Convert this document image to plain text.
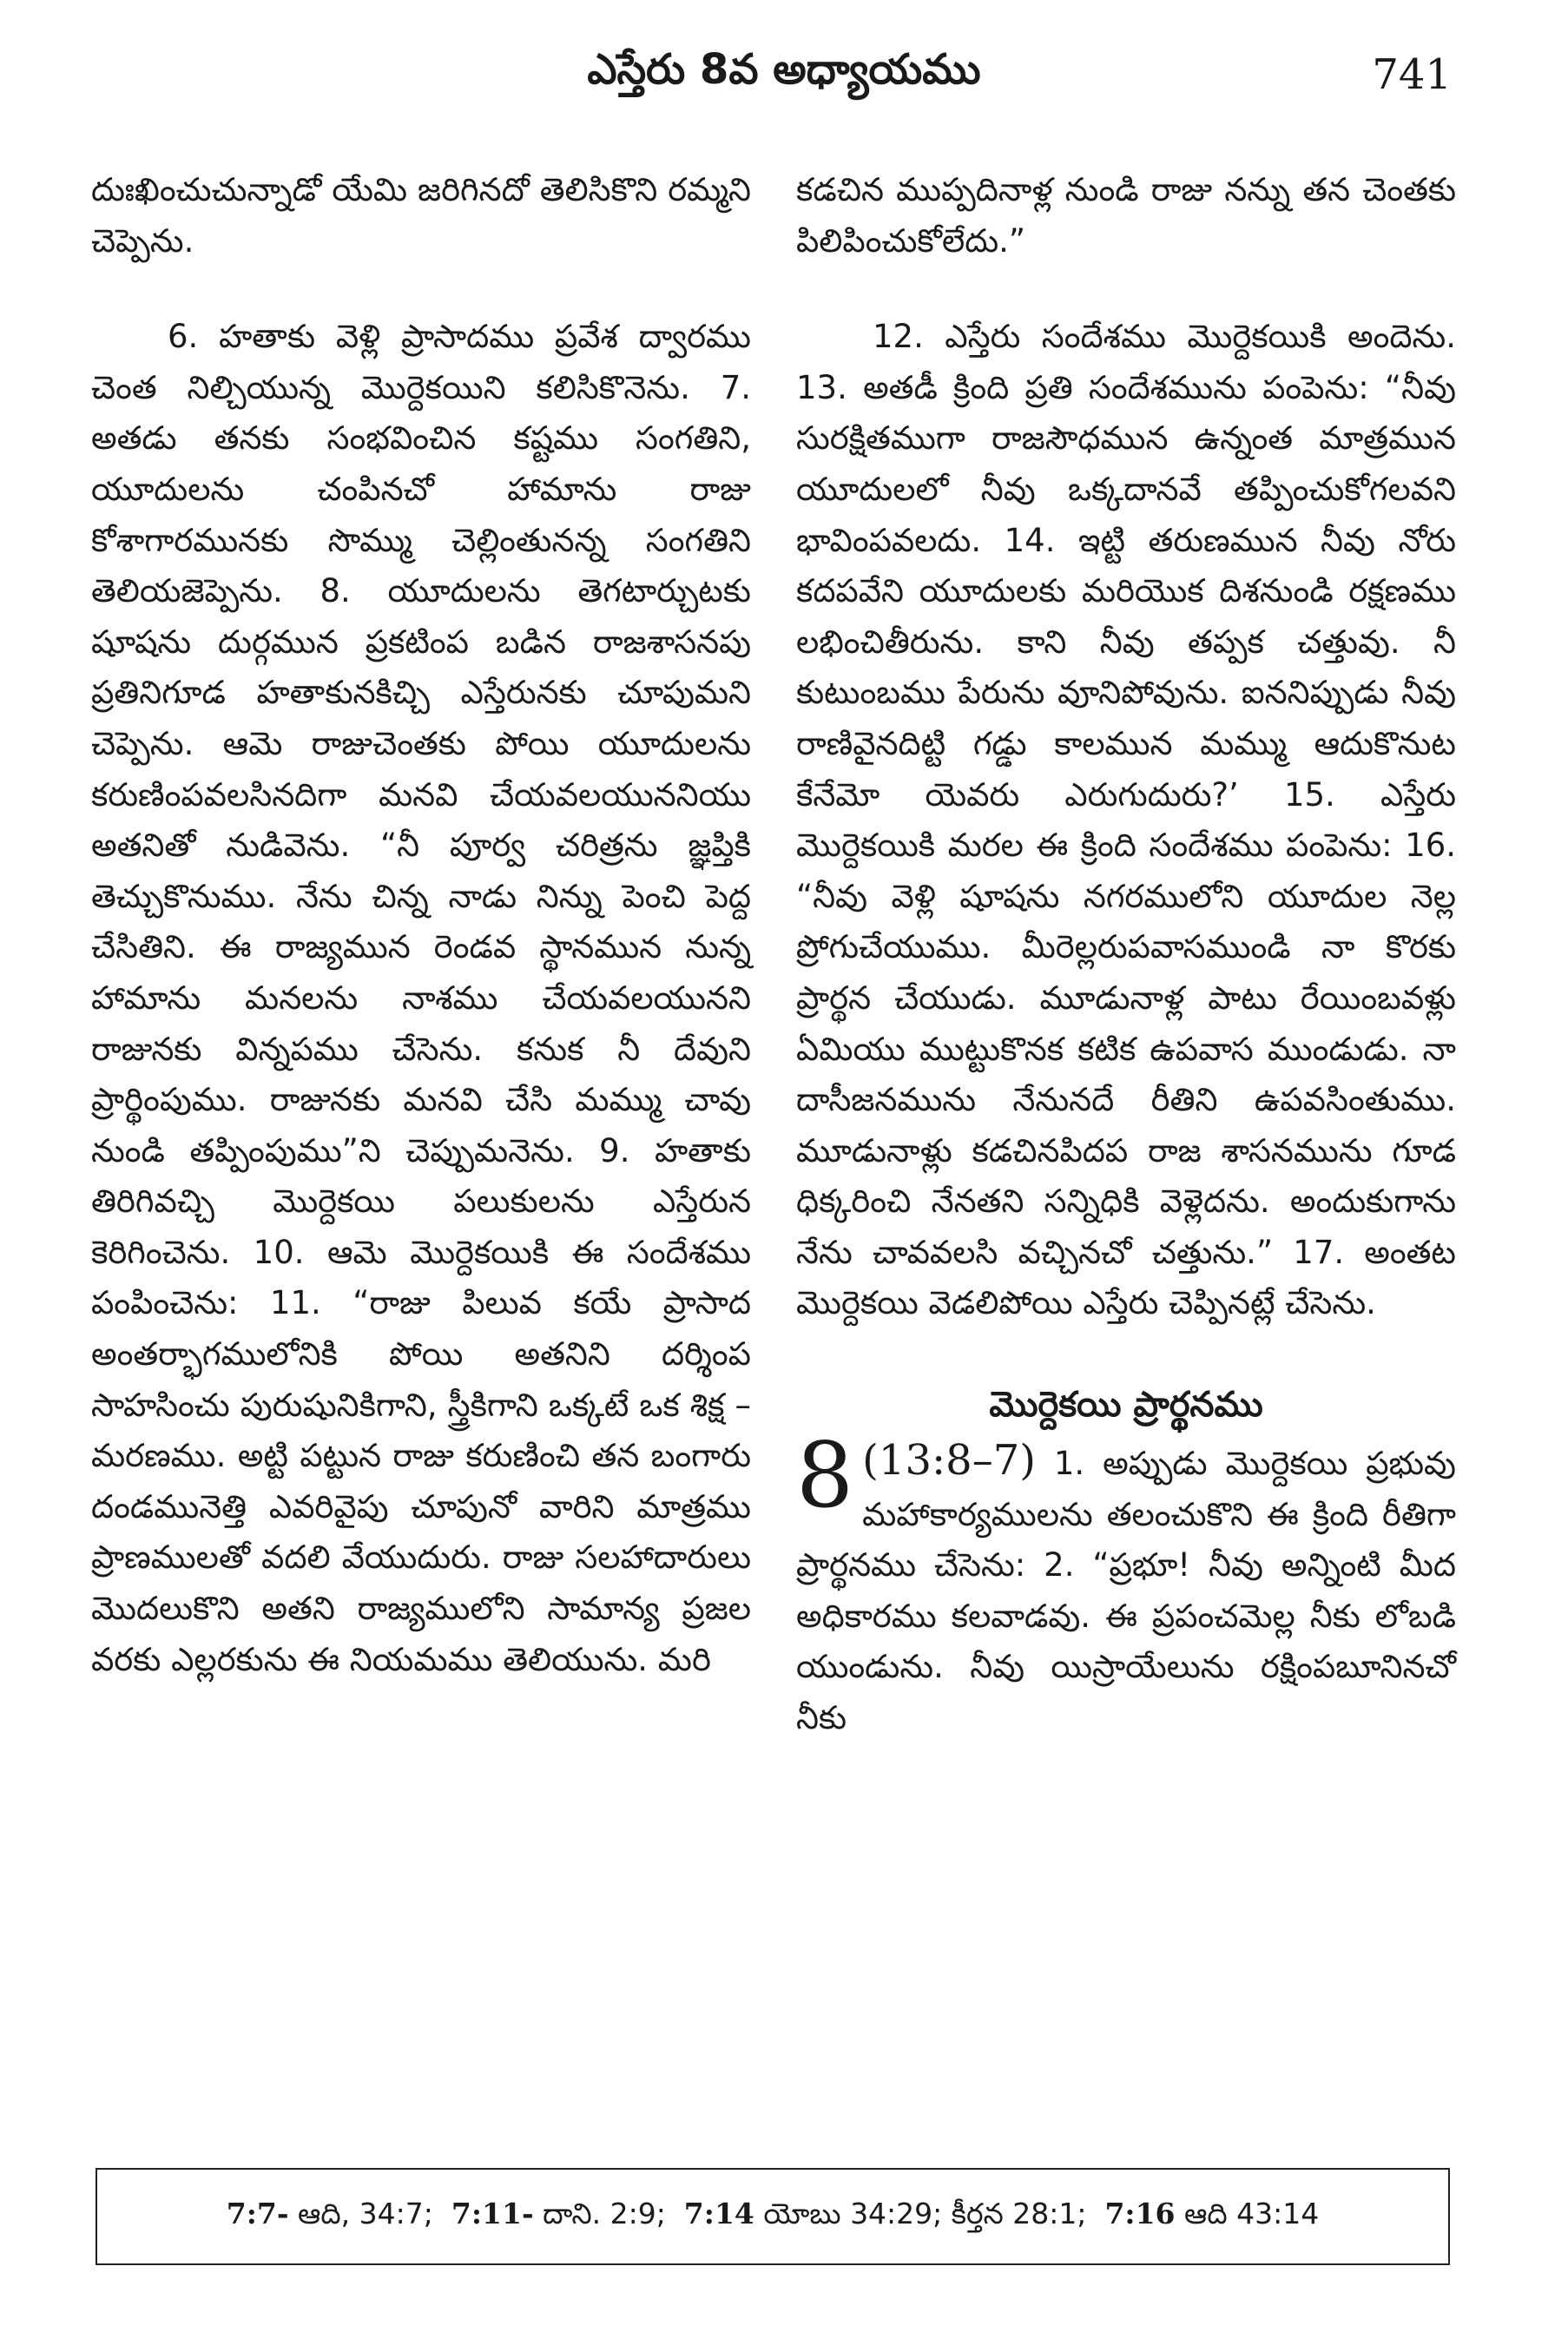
ఎస్తేరు 8వ అధ్యాయము	741

దుఃఖించుచున్నాడో యేమి జరిగినదో తెలిసికొని రమ్మని చెప్పెను.

6. హతాకు వెళ్లి ప్రాసాదము ప్రవేశ ద్వారము చెంత నిల్చియున్న మొర్దెకయిని కలిసికొనెను. 7. అతడు తనకు సంభవించిన కష్టము సంగతిని, యూదులను చంపినచో హామాను రాజు కోశాగారమునకు సొమ్ము చెల్లింతునన్న సంగతిని తెలియజెప్పెను. 8. యూదులను తెగటార్చుటకు షూషను దుర్గమున ప్రకటింప బడిన రాజశాసనపు ప్రతినిగూడ హతాకునకిచ్చి ఎస్తేరునకు చూపుమని చెప్పెను. ఆమె రాజుచెంతకు పోయి యూదులను కరుణింపవలసినదిగా మనవి చేయవలయుననియు అతనితో నుడివెను. “నీ పూర్వ చరిత్రను జ్ఞప్తికి తెచ్చుకొనుము. నేను చిన్న నాడు నిన్ను పెంచి పెద్ద చేసితిని. ఈ రాజ్యమున రెండవ స్థానమున నున్న హామాను మనలను నాశము చేయవలయునని రాజునకు విన్నపము చేసెను. కనుక నీ దేవుని ప్రార్థింపుము. రాజునకు మనవి చేసి మమ్ము చావు నుండి తప్పింపుము”ని చెప్పుమనెను. 9. హతాకు తిరిగివచ్చి మొర్దెకయి పలుకులను ఎస్తేరున కెరిగించెను. 10. ఆమె మొర్దెకయికి ఈ సందేశము పంపించెను: 11. “రాజు పిలువ కయే ప్రాసాద అంతర్భాగములోనికి పోయి అతనిని దర్శింప సాహసించు పురుషునికిగాని, స్త్రీకిగాని ఒక్కటే ఒక శిక్ష – మరణము. అట్టి పట్టున రాజు కరుణించి తన బంగారు దండమునెత్తి ఎవరివైపు చూపునో వారిని మాత్రము ప్రాణములతో వదలి వేయుదురు. రాజు సలహాదారులు మొదలుకొని అతని రాజ్యములోని సామాన్య ప్రజల వరకు ఎల్లరకును ఈ నియమము తెలియును. మరి

కడచిన ముప్పదినాళ్ల నుండి రాజు నన్ను తన చెంతకు పిలిపించుకోలేదు.”

12. ఎస్తేరు సందేశము మొర్దెకయికి అందెను. 13. అతడీ క్రింది ప్రతి సందేశమును పంపెను: “నీవు సురక్షితముగా రాజసౌధమున ఉన్నంత మాత్రమున యూదులలో నీవు ఒక్కదానవే తప్పించుకోగలవని భావింపవలదు. 14. ఇట్టి తరుణమున నీవు నోరు కదపవేని యూదులకు మరియొక దిశనుండి రక్షణము లభించితీరును. కాని నీవు తప్పక చత్తువు. నీ కుటుంబము పేరును వూనిపోవును. ఐననిప్పుడు నీవు రాణివైనదిట్టి గడ్డు కాలమున మమ్ము ఆదుకొనుట కేనేమో యెవరు ఎరుగుదురు?’ 15. ఎస్తేరు మొర్దెకయికి మరల ఈ క్రింది సందేశము పంపెను: 16. “నీవు వెళ్లి షూషను నగరములోని యూదుల నెల్ల ప్రోగుచేయుము. మీరెల్లరుపవాసముండి నా కొరకు ప్రార్థన చేయుడు. మూడునాళ్ల పాటు రేయింబవళ్లు ఏమియు ముట్టుకొనక కటిక ఉపవాస ముండుడు. నా దాసీజనమును నేనునదే రీతిని ఉపవసింతుము. మూడునాళ్లు కడచినపిదప రాజ శాసనమును గూడ ధిక్కరించి నేనతని సన్నిధికి వెళ్లెదను. అందుకుగాను నేను చావవలసి వచ్చినచో చత్తును.” 17. అంతట మొర్దెకయి వెడలిపోయి ఎస్తేరు చెప్పినట్లే చేసెను.

మొర్దెకయి ప్రార్థనము

8 (13:8–7) 1. అప్పుడు మొర్దెకయి ప్రభువు మహాకార్యములను తలంచుకొని ఈ క్రింది రీతిగా ప్రార్థనము చేసెను: 2. “ప్రభూ! నీవు అన్నింటి మీద అధికారము కలవాడవు. ఈ ప్రపంచమెల్ల నీకు లోబడి యుండును. నీవు యిస్రాయేలును రక్షింపబూనినచో నీకు

7:7- ఆది, 34:7; 7:11- దాని. 2:9; 7:14 యోబు 34:29; కీర్తన 28:1; 7:16 ఆది 43:14
